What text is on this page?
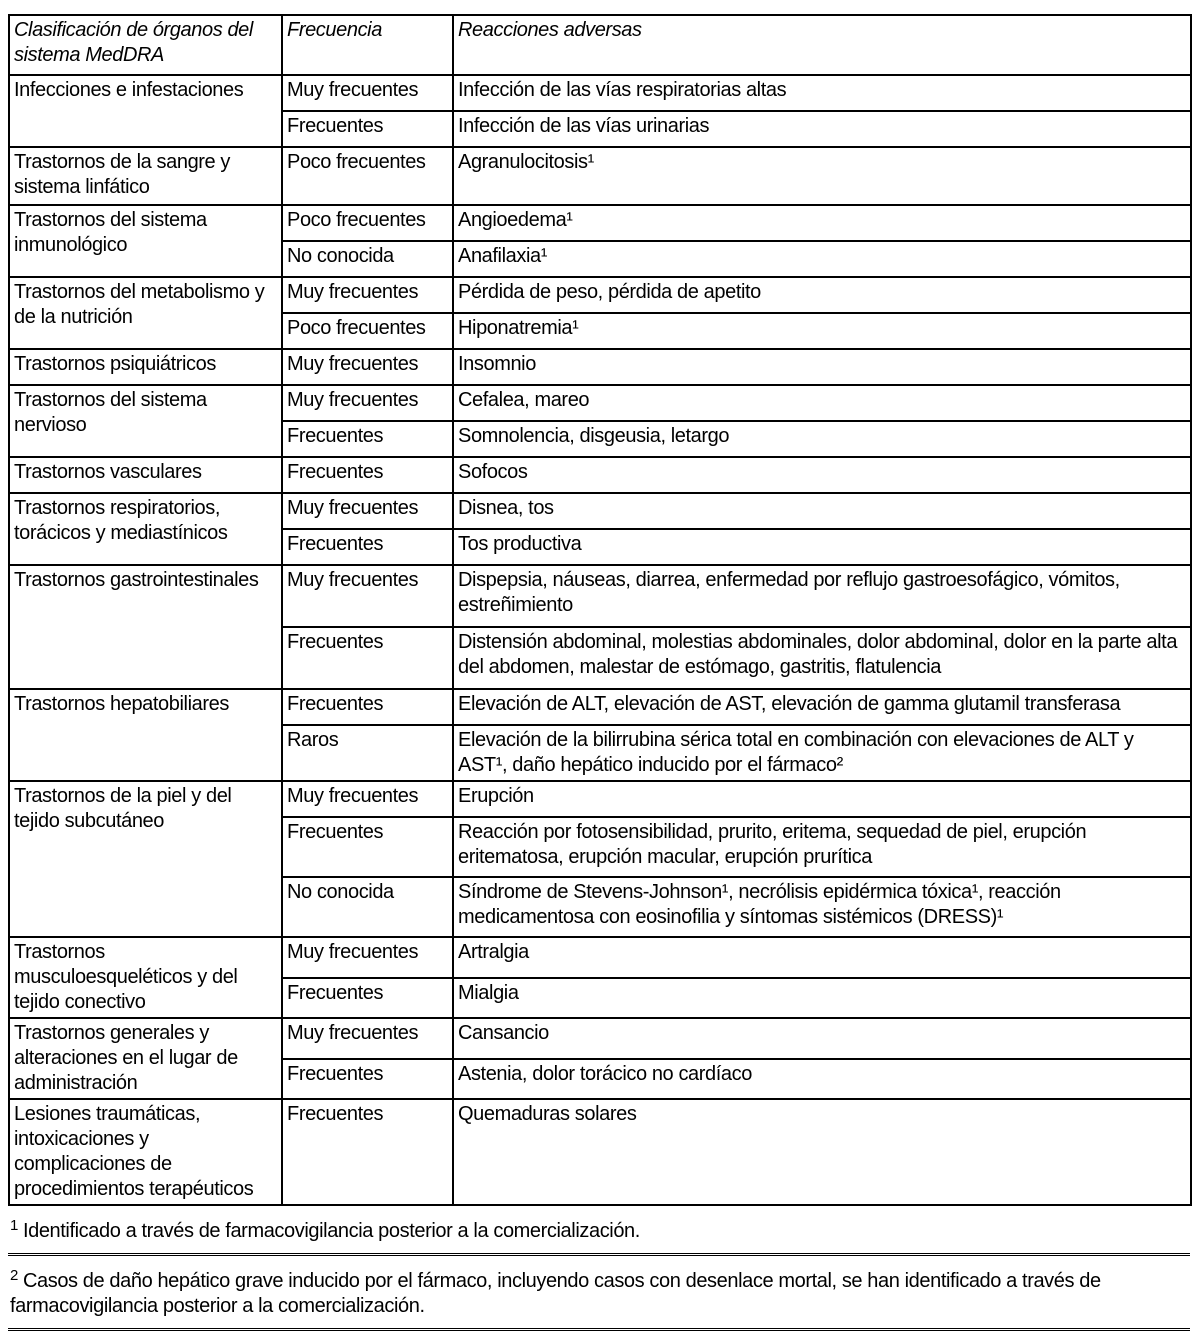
Clasificación de órganos del sistema MedDRA	Frecuencia	Reacciones adversas
Infecciones e infestaciones	Muy frecuentes	Infección de las vías respiratorias altas
	Frecuentes	Infección de las vías urinarias
Trastornos de la sangre y sistema linfático	Poco frecuentes	Agranulocitosis¹
Trastornos del sistema inmunológico	Poco frecuentes	Angioedema¹
	No conocida	Anafilaxia¹
Trastornos del metabolismo y de la nutrición	Muy frecuentes	Pérdida de peso, pérdida de apetito
	Poco frecuentes	Hiponatremia¹
Trastornos psiquiátricos	Muy frecuentes	Insomnio
Trastornos del sistema nervioso	Muy frecuentes	Cefalea, mareo
	Frecuentes	Somnolencia, disgeusia, letargo
Trastornos vasculares	Frecuentes	Sofocos
Trastornos respiratorios, torácicos y mediastínicos	Muy frecuentes	Disnea, tos
	Frecuentes	Tos productiva
Trastornos gastrointestinales	Muy frecuentes	Dispepsia, náuseas, diarrea, enfermedad por reflujo gastroesofágico, vómitos, estreñimiento
	Frecuentes	Distensión abdominal, molestias abdominales, dolor abdominal, dolor en la parte alta del abdomen, malestar de estómago, gastritis, flatulencia
Trastornos hepatobiliares	Frecuentes	Elevación de ALT, elevación de AST, elevación de gamma glutamil transferasa
	Raros	Elevación de la bilirrubina sérica total en combinación con elevaciones de ALT y AST¹, daño hepático inducido por el fármaco²
Trastornos de la piel y del tejido subcutáneo	Muy frecuentes	Erupción
	Frecuentes	Reacción por fotosensibilidad, prurito, eritema, sequedad de piel, erupción eritematosa, erupción macular, erupción prurítica
	No conocida	Síndrome de Stevens-Johnson¹, necrólisis epidérmica tóxica¹, reacción medicamentosa con eosinofilia y síntomas sistémicos (DRESS)¹
Trastornos musculoesqueléticos y del tejido conectivo	Muy frecuentes	Artralgia
	Frecuentes	Mialgia
Trastornos generales y alteraciones en el lugar de administración	Muy frecuentes	Cansancio
	Frecuentes	Astenia, dolor torácico no cardíaco
Lesiones traumáticas, intoxicaciones y complicaciones de procedimientos terapéuticos	Frecuentes	Quemaduras solares
$^1$ Identificado a través de farmacovigilancia posterior a la comercialización.
$^2$ Casos de daño hepático grave inducido por el fármaco, incluyendo casos con desenlace mortal, se han identificado a través de farmacovigilancia posterior a la comercialización.
